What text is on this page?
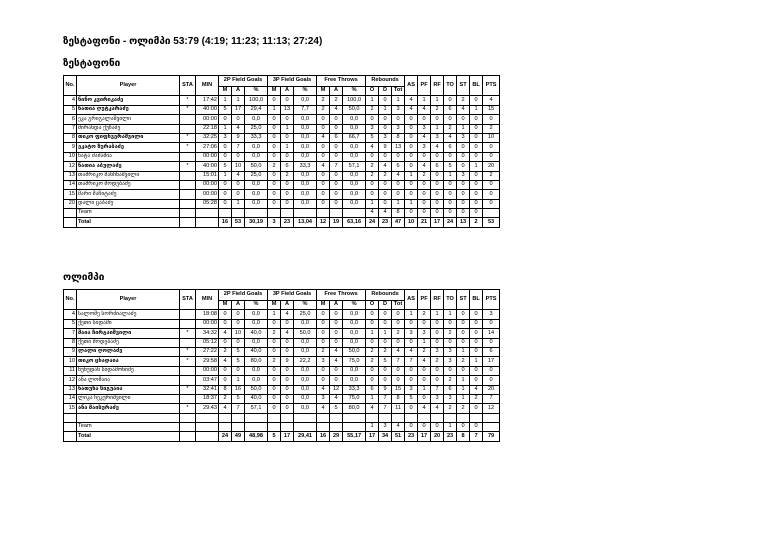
ზესტაფონი - ოლიმპი 53:79 (4:19; 11:23; 11:13; 27:24)
ზესტაფონი
No.	Player	STA	MIN	2P Field Goals			3P Field Goals			Free Throws			Rebounds			AS	PF	RF	TO	ST	BL	PTS
				M	A	%	M	A	%	M	A	%	O	D	Tot							
4	ნინო კვირიკაძე	*	17:42	1	1	100,0	0	0	0,0	2	2	100,0	1	0	1	4	1	1	0	2	0	4
5	ნათია ღუტკარაძე	*	40:00	5	17	29,4	1	13	7,7	2	4	50,0	2	1	3	4	4	2	6	4	1	15
6	ეკა გრიგალაშვილი		00:00	0	0	0,0	0	0	0,0	0	0	0,0	0	0	0	0	0	0	0	0	0	0
7	მირანდა ქუჩაძე		22:18	1	4	25,0	0	1	0,0	0	0	0,0	3	0	3	0	3	1	2	1	0	2
8	თიკო ფიფხვერაშვილი	*	32:25	3	9	33,3	0	0	0,0	4	6	66,7	5	3	8	0	4	3	4	3	0	10
9	ეკატო ზურაბაძე	*	27:06	0	7	0,0	0	1	0,0	0	0	0,0	4	9	13	0	3	4	6	0	0	0
10	ნატა ძაძამია		00:00	0	0	0,0	0	0	0,0	0	0	0,0	0	0	0	0	0	0	0	0	0	0
12	ნათია აბულაძე	*	40:00	5	10	50,0	2	6	33,3	4	7	57,1	2	4	6	0	4	6	5	0	1	20
13	თამრიკო მანჩხაშვილი		15:01	1	4	25,0	0	2	0,0	0	0	0,0	2	2	4	1	2	0	1	3	0	2
14	თამრიკო მოდებაძე		00:00	0	0	0,0	0	0	0,0	0	0	0,0	0	0	0	0	0	0	0	0	0	0
15	მარი მაჩიტაძე		00:00	0	0	0,0	0	0	0,0	0	0	0,0	0	0	0	0	0	0	0	0	0	0
20	დალი ცაბაძე		05:28	0	1	0,0	0	0	0,0	0	0	0,0	1	0	1	1	0	0	0	0	0	0
	Team												4	4	8	0	0	0	0	0	0	
	Total			16	53	30,19	3	23	13,04	12	19	63,16	24	23	47	10	21	17	24	13	2	53
ოლიმპი
No.	Player	STA	MIN	2P Field Goals			3P Field Goals			Free Throws			Rebounds			AS	PF	RF	TO	ST	BL	PTS
				M	A	%	M	A	%	M	A	%	O	D	Tot							
4	სალომე სორძიალაძე		18:08	0	0	0,0	1	4	25,0	0	0	0,0	0	0	0	1	2	1	1	0	0	3
5	ქეთი სიდამი		00:00	0	0	0,0	0	0	0,0	0	0	0,0	0	0	0	0	0	0	0	0	0	0
7	მაია ჩირგაიშვილი	*	34:32	4	10	40,0	2	4	50,0	0	0	0,0	1	1	2	3	3	0	2	0	0	14
8	ქეთი მოდებაძე		05:12	0	0	0,0	0	0	0,0	0	0	0,0	0	0	0	0	1	0	0	0	0	0
9	ლალი ღოლაძე	*	27:22	2	5	40,0	0	0	0,0	2	4	50,0	2	2	4	4	2	3	3	1	0	6
10	თიკო ცხადაია	*	29:58	4	5	80,0	2	9	22,2	3	4	75,0	2	5	7	7	4	2	3	2	1	17
11	ნუნუდან სიდამონიძე		00:00	0	0	0,0	0	0	0,0	0	0	0,0	0	0	0	0	0	0	0	0	0	0
12	ანა ლომაია		03:47	0	1	0,0	0	0	0,0	0	0	0,0	0	0	0	0	0	0	2	1	0	0
13	ხათუნა სიგუაია	*	32:41	8	16	50,0	0	0	0,0	4	12	33,3	6	9	15	3	1	7	6	1	4	20
14	ლიკა ჩეკურიშვილი		18:37	2	5	40,0	0	0	0,0	3	4	75,0	1	7	8	5	0	3	3	1	2	7
15	ანა მაისურაძე	*	29:43	4	7	57,1	0	0	0,0	4	5	80,0	4	7	11	0	4	4	2	2	0	12

	Team												1	3	4	0	0	0	1	0	0	
	Total			24	49	48,98	5	17	29,41	16	29	55,17	17	34	51	23	17	20	23	8	7	79
